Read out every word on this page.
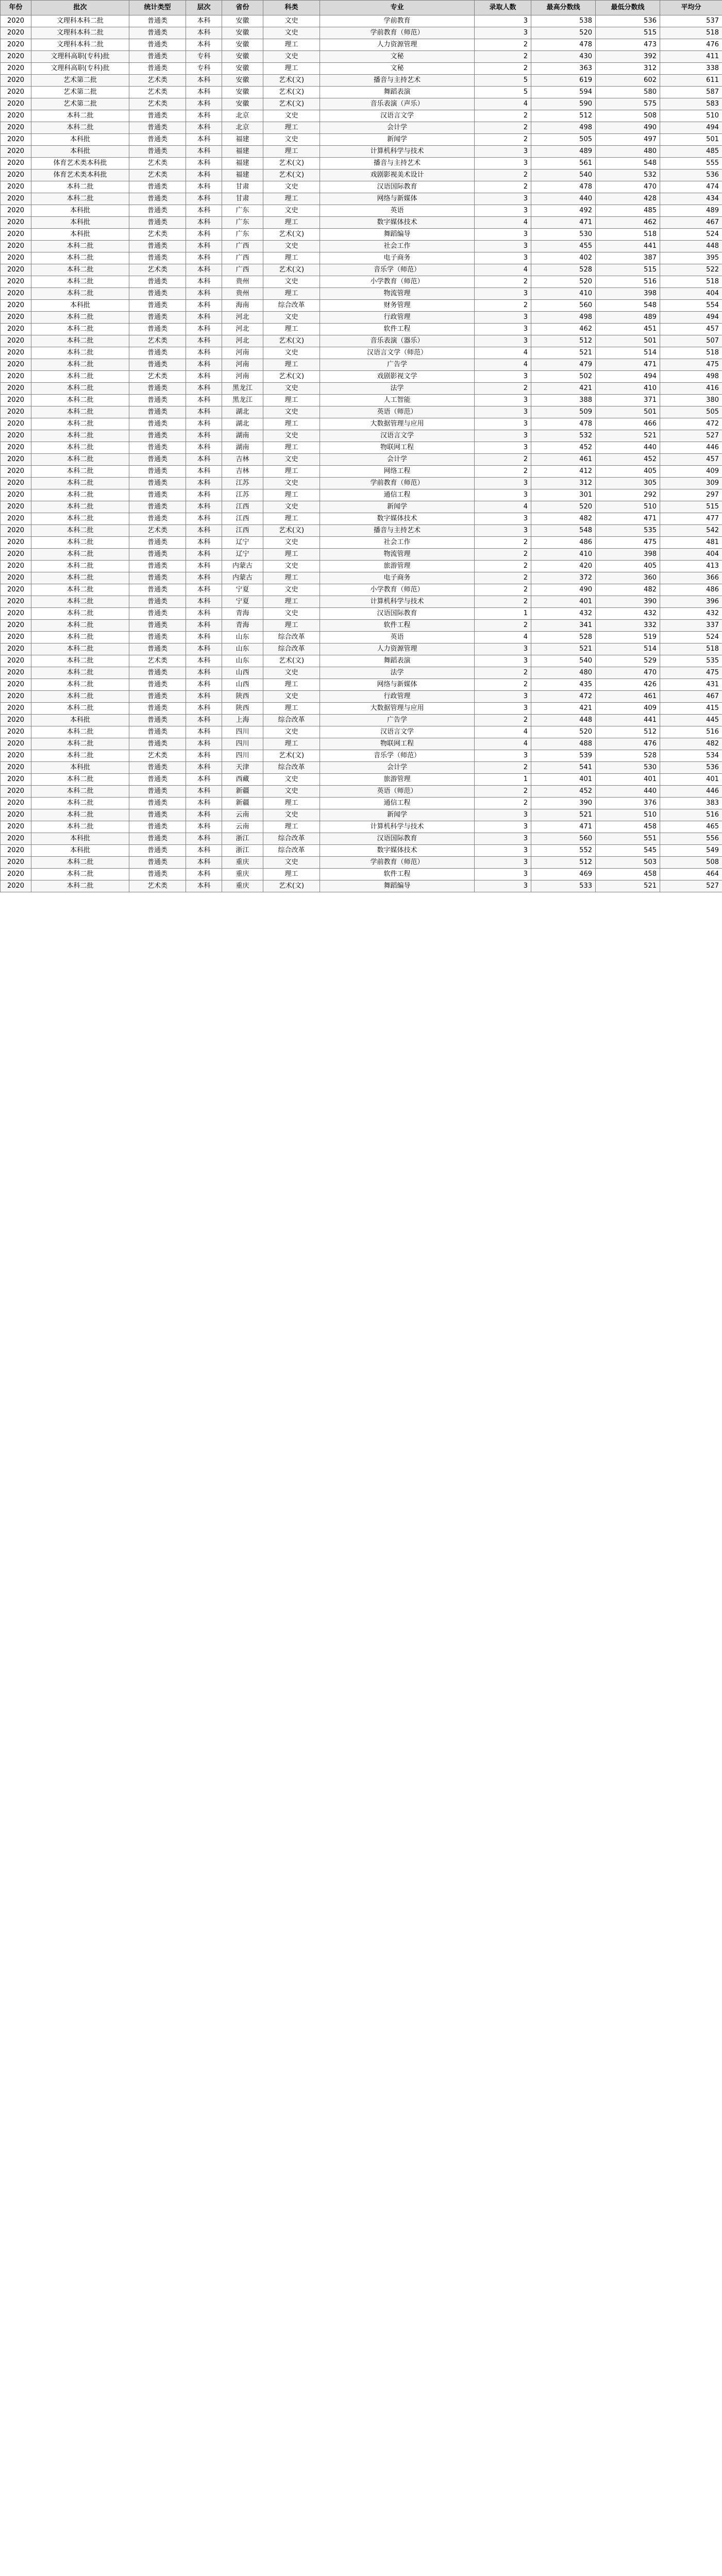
年份	批次	统计类型	层次	省份	科类	专业	录取人数	最高分数线	最低分数线	平均分
2020	文理科本科二批	普通类	本科	安徽	文史	学前教育	3	538	536	537
2020	文理科本科二批	普通类	本科	安徽	文史	学前教育（师范）	3	520	515	518
2020	文理科本科二批	普通类	本科	安徽	理工	人力资源管理	2	478	473	476
2020	文理科高职(专科)批	普通类	专科	安徽	文史	文秘	2	430	392	411
2020	文理科高职(专科)批	普通类	专科	安徽	理工	文秘	2	363	312	338
2020	艺术第二批	艺术类	本科	安徽	艺术(文)	播音与主持艺术	5	619	602	611
2020	艺术第二批	艺术类	本科	安徽	艺术(文)	舞蹈表演	5	594	580	587
2020	艺术第二批	艺术类	本科	安徽	艺术(文)	音乐表演（声乐）	4	590	575	583
2020	本科二批	普通类	本科	北京	文史	汉语言文学	2	512	508	510
2020	本科二批	普通类	本科	北京	理工	会计学	2	498	490	494
2020	本科批	普通类	本科	福建	文史	新闻学	2	505	497	501
2020	本科批	普通类	本科	福建	理工	计算机科学与技术	3	489	480	485
2020	体育艺术类本科批	艺术类	本科	福建	艺术(文)	播音与主持艺术	3	561	548	555
2020	体育艺术类本科批	艺术类	本科	福建	艺术(文)	戏剧影视美术设计	2	540	532	536
2020	本科二批	普通类	本科	甘肃	文史	汉语国际教育	2	478	470	474
2020	本科二批	普通类	本科	甘肃	理工	网络与新媒体	3	440	428	434
2020	本科批	普通类	本科	广东	文史	英语	3	492	485	489
2020	本科批	普通类	本科	广东	理工	数字媒体技术	4	471	462	467
2020	本科批	艺术类	本科	广东	艺术(文)	舞蹈编导	3	530	518	524
2020	本科二批	普通类	本科	广西	文史	社会工作	3	455	441	448
2020	本科二批	普通类	本科	广西	理工	电子商务	3	402	387	395
2020	本科二批	艺术类	本科	广西	艺术(文)	音乐学（师范）	4	528	515	522
2020	本科二批	普通类	本科	贵州	文史	小学教育（师范）	2	520	516	518
2020	本科二批	普通类	本科	贵州	理工	物流管理	3	410	398	404
2020	本科批	普通类	本科	海南	综合改革	财务管理	2	560	548	554
2020	本科二批	普通类	本科	河北	文史	行政管理	3	498	489	494
2020	本科二批	普通类	本科	河北	理工	软件工程	3	462	451	457
2020	本科二批	艺术类	本科	河北	艺术(文)	音乐表演（器乐）	3	512	501	507
2020	本科二批	普通类	本科	河南	文史	汉语言文学（师范）	4	521	514	518
2020	本科二批	普通类	本科	河南	理工	广告学	4	479	471	475
2020	本科二批	艺术类	本科	河南	艺术(文)	戏剧影视文学	3	502	494	498
2020	本科二批	普通类	本科	黑龙江	文史	法学	2	421	410	416
2020	本科二批	普通类	本科	黑龙江	理工	人工智能	3	388	371	380
2020	本科二批	普通类	本科	湖北	文史	英语（师范）	3	509	501	505
2020	本科二批	普通类	本科	湖北	理工	大数据管理与应用	3	478	466	472
2020	本科二批	普通类	本科	湖南	文史	汉语言文学	3	532	521	527
2020	本科二批	普通类	本科	湖南	理工	物联网工程	3	452	440	446
2020	本科二批	普通类	本科	吉林	文史	会计学	2	461	452	457
2020	本科二批	普通类	本科	吉林	理工	网络工程	2	412	405	409
2020	本科二批	普通类	本科	江苏	文史	学前教育（师范）	3	312	305	309
2020	本科二批	普通类	本科	江苏	理工	通信工程	3	301	292	297
2020	本科二批	普通类	本科	江西	文史	新闻学	4	520	510	515
2020	本科二批	普通类	本科	江西	理工	数字媒体技术	3	482	471	477
2020	本科二批	艺术类	本科	江西	艺术(文)	播音与主持艺术	3	548	535	542
2020	本科二批	普通类	本科	辽宁	文史	社会工作	2	486	475	481
2020	本科二批	普通类	本科	辽宁	理工	物流管理	2	410	398	404
2020	本科二批	普通类	本科	内蒙古	文史	旅游管理	2	420	405	413
2020	本科二批	普通类	本科	内蒙古	理工	电子商务	2	372	360	366
2020	本科二批	普通类	本科	宁夏	文史	小学教育（师范）	2	490	482	486
2020	本科二批	普通类	本科	宁夏	理工	计算机科学与技术	2	401	390	396
2020	本科二批	普通类	本科	青海	文史	汉语国际教育	1	432	432	432
2020	本科二批	普通类	本科	青海	理工	软件工程	2	341	332	337
2020	本科二批	普通类	本科	山东	综合改革	英语	4	528	519	524
2020	本科二批	普通类	本科	山东	综合改革	人力资源管理	3	521	514	518
2020	本科二批	艺术类	本科	山东	艺术(文)	舞蹈表演	3	540	529	535
2020	本科二批	普通类	本科	山西	文史	法学	2	480	470	475
2020	本科二批	普通类	本科	山西	理工	网络与新媒体	2	435	426	431
2020	本科二批	普通类	本科	陕西	文史	行政管理	3	472	461	467
2020	本科二批	普通类	本科	陕西	理工	大数据管理与应用	3	421	409	415
2020	本科批	普通类	本科	上海	综合改革	广告学	2	448	441	445
2020	本科二批	普通类	本科	四川	文史	汉语言文学	4	520	512	516
2020	本科二批	普通类	本科	四川	理工	物联网工程	4	488	476	482
2020	本科二批	艺术类	本科	四川	艺术(文)	音乐学（师范）	3	539	528	534
2020	本科批	普通类	本科	天津	综合改革	会计学	2	541	530	536
2020	本科二批	普通类	本科	西藏	文史	旅游管理	1	401	401	401
2020	本科二批	普通类	本科	新疆	文史	英语（师范）	2	452	440	446
2020	本科二批	普通类	本科	新疆	理工	通信工程	2	390	376	383
2020	本科二批	普通类	本科	云南	文史	新闻学	3	521	510	516
2020	本科二批	普通类	本科	云南	理工	计算机科学与技术	3	471	458	465
2020	本科批	普通类	本科	浙江	综合改革	汉语国际教育	3	560	551	556
2020	本科批	普通类	本科	浙江	综合改革	数字媒体技术	3	552	545	549
2020	本科二批	普通类	本科	重庆	文史	学前教育（师范）	3	512	503	508
2020	本科二批	普通类	本科	重庆	理工	软件工程	3	469	458	464
2020	本科二批	艺术类	本科	重庆	艺术(文)	舞蹈编导	3	533	521	527
